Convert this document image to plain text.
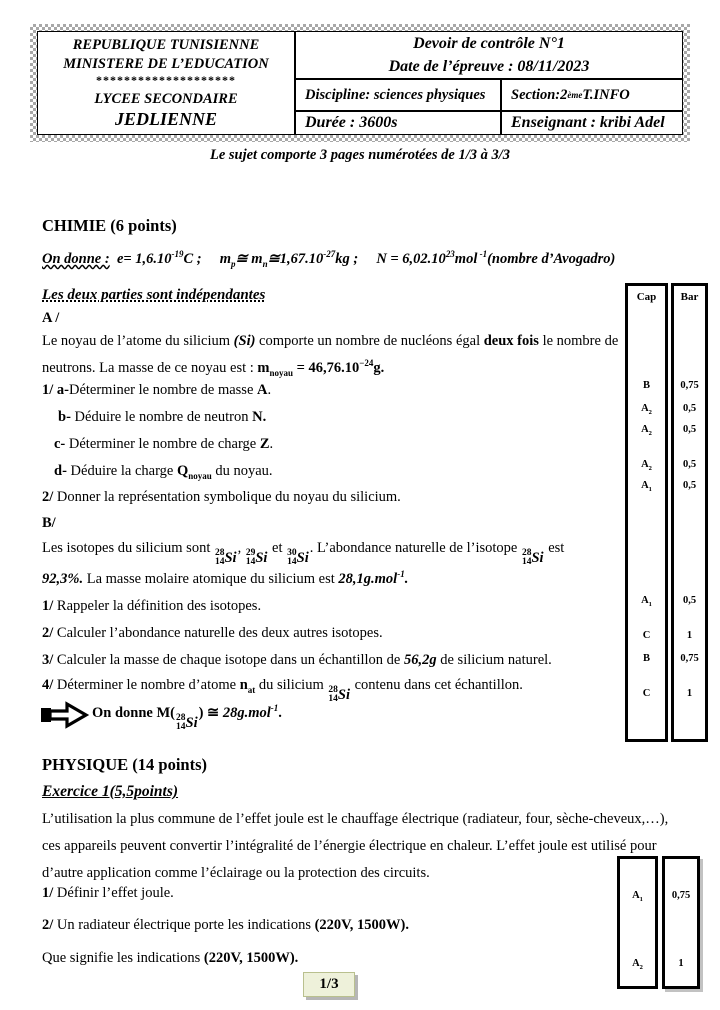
REPUBLIQUE TUNISIENNE
MINISTERE DE L’EDUCATION
********************
LYCEE SECONDAIRE
JEDLIENNE
Devoir de contrôle N°1
Date de l’épreuve : 08/11/2023
Discipline: sciences physiques	Section:2 ème T.INFO
Durée : 3600s	Enseignant : kribi Adel
Le sujet comporte 3 pages numérotées de 1/3 à 3/3
CHIMIE (6 points)
On donne :  $e= 1,6.10^{-19}C$ ;     $m_p≅$ $m_n≅1,67.10^{-27}kg$ ;     $N = 6,02.10^{23}mol$ $^{-1}$(nombre d’Avogadro)
Les deux parties sont indépendantes
A /
Le noyau de l’atome du silicium (Si) comporte un nombre de nucléons égal deux fois le nombre de
neutrons. La masse de ce noyau est : $m_{noyau} = 46,76.10^{-24}g$.
1/ a-Déterminer le nombre de masse A.
b- Déduire le nombre de neutron N.
c- Déterminer le nombre de charge Z.
d- Déduire la charge $Q_{noyau}$ du noyau.
2/ Donner la représentation symbolique du noyau du silicium.
B/
Les isotopes du silicium sont 28
14 Si
, 29
14 Si
et 30
14 Si
. L’abondance naturelle de l’isotope 28
14 Si
est
92,3%. La masse molaire atomique du silicium est 28,1g.mol$^{-1}$.
1/ Rappeler la définition des isotopes.
2/ Calculer l’abondance naturelle des deux autres isotopes.
3/ Calculer la masse de chaque isotope dans un échantillon de 56,2g de silicium naturel.
4/ Déterminer le nombre d’atome $n_{at}$ du silicium 28
14 Si
contenu dans cet échantillon.
On donne M( 28
14 Si
) ≅ 28g.mol$^{-1}$.
PHYSIQUE (14 points)
Exercice 1(5,5points)
L’utilisation la plus commune de l’effet joule est le chauffage électrique (radiateur, four, sèche-cheveux,…),
ces appareils peuvent convertir l’intégralité de l’énergie électrique en chaleur. L’effet joule est utilisé pour
d’autre application comme l’éclairage ou la protection des circuits.
1/ Définir l’effet joule.
2/ Un radiateur électrique porte les indications (220V, 1500W).
Que signifie les indications (220V, 1500W).
Cap
B
$A_2$
$A_2$
$A_2$
$A_1$
$A_1$
C
B
C
Bar
0,75
0,5
0,5
0,5
0,5
0,5
1
0,75
1
$A_1$
$A_2$
0,75
1
1/3
